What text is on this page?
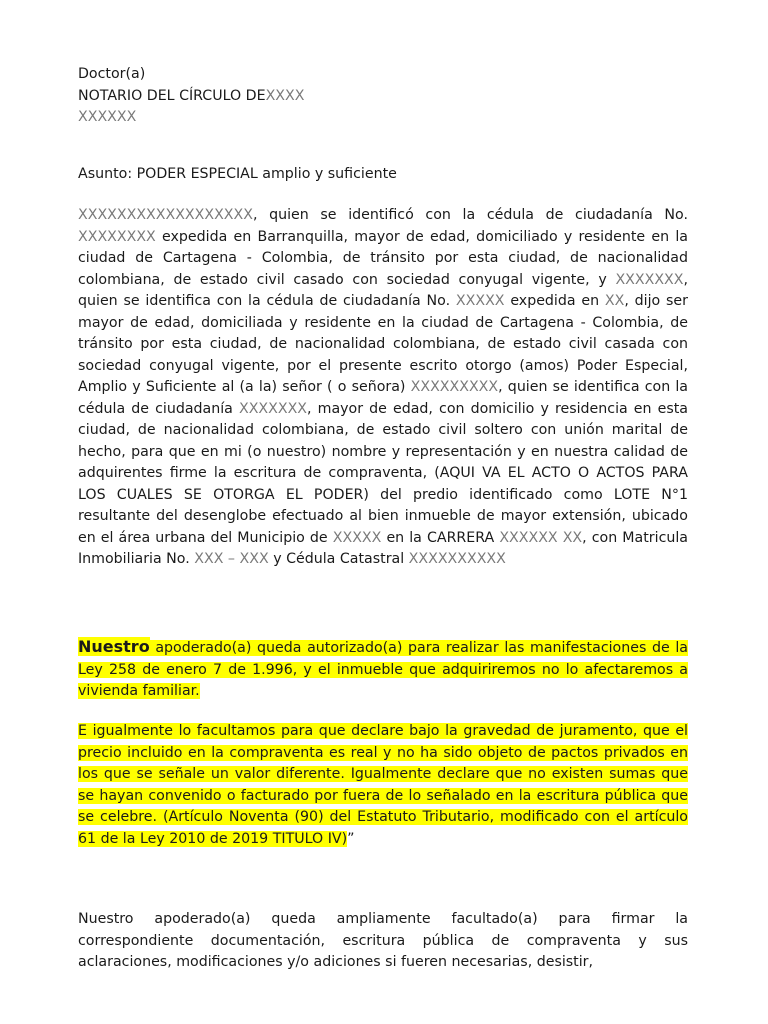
Doctor(a)
NOTARIO DEL CÍRCULO DEXXXX
XXXXXX
Asunto: PODER ESPECIAL amplio y suficiente

XXXXXXXXXXXXXXXXXX, quien se identificó con la cédula de ciudadanía No. XXXXXXXX expedida en Barranquilla, mayor de edad, domiciliado y residente en la ciudad de Cartagena - Colombia, de tránsito por esta ciudad, de nacionalidad colombiana, de estado civil casado con sociedad conyugal vigente, y XXXXXXX, quien se identifica con la cédula de ciudadanía No. XXXXX expedida en XX, dijo ser mayor de edad, domiciliada y residente en la ciudad de Cartagena - Colombia, de tránsito por esta ciudad, de nacionalidad colombiana, de estado civil casada con sociedad conyugal vigente, por el presente escrito otorgo (amos) Poder Especial, Amplio y Suficiente al (a la) señor ( o señora) XXXXXXXXX, quien se identifica con la cédula de ciudadanía XXXXXXX, mayor de edad, con domicilio y residencia en esta ciudad, de nacionalidad colombiana, de estado civil soltero con unión marital de hecho, para que en mi (o nuestro) nombre y representación y en nuestra calidad de adquirentes firme la escritura de compraventa, (AQUI VA EL ACTO O ACTOS PARA LOS CUALES SE OTORGA EL PODER) del predio identificado como LOTE N°1 resultante del desenglobe efectuado al bien inmueble de mayor extensión, ubicado en el área urbana del Municipio de XXXXX en la CARRERA XXXXXX XX, con Matricula Inmobiliaria No. XXX – XXX y Cédula Catastral XXXXXXXXXX

Nuestro apoderado(a) queda autorizado(a) para realizar las manifestaciones de la Ley 258 de enero 7 de 1.996, y el inmueble que adquiriremos no lo afectaremos a vivienda familiar.

E igualmente lo facultamos para que declare bajo la gravedad de juramento, que el precio incluido en la compraventa es real y no ha sido objeto de pactos privados en los que se señale un valor diferente. Igualmente declare que no existen sumas que se hayan convenido o facturado por fuera de lo señalado en la escritura pública que se celebre. (Artículo Noventa (90) del Estatuto Tributario, modificado con el artículo 61 de la Ley 2010 de 2019 TITULO IV)”

Nuestro apoderado(a) queda ampliamente facultado(a) para firmar la correspondiente documentación, escritura pública de compraventa y sus aclaraciones, modificaciones y/o adiciones si fueren necesarias, desistir,
